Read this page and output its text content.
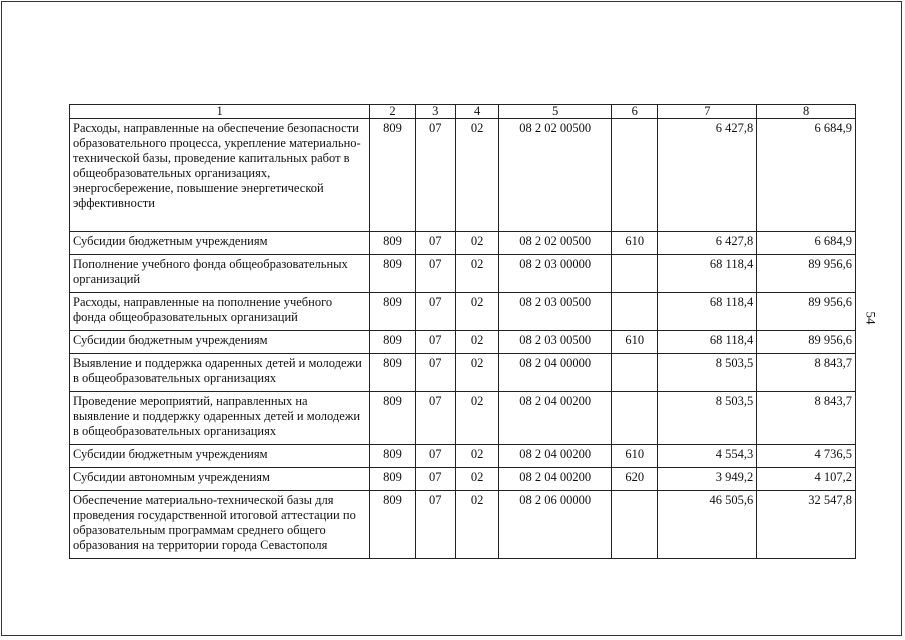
1	2	3	4	5	6	7	8
Расходы, направленные на обеспечение безопасности образовательного процесса, укрепление материально-технической базы, проведение капитальных работ в общеобразовательных организациях, энергосбережение, повышение энергетической эффективности	809	07	02	08 2 02 00500		6 427,8	6 684,9
Субсидии бюджетным учреждениям	809	07	02	08 2 02 00500	610	6 427,8	6 684,9
Пополнение учебного фонда общеобразовательных организаций	809	07	02	08 2 03 00000		68 118,4	89 956,6
Расходы, направленные на пополнение учебного фонда общеобразовательных организаций	809	07	02	08 2 03 00500		68 118,4	89 956,6
Субсидии бюджетным учреждениям	809	07	02	08 2 03 00500	610	68 118,4	89 956,6
Выявление и поддержка одаренных детей и молодежи в общеобразовательных организациях	809	07	02	08 2 04 00000		8 503,5	8 843,7
Проведение мероприятий, направленных на выявление и поддержку одаренных детей и молодежи в общеобразовательных организациях	809	07	02	08 2 04 00200		8 503,5	8 843,7
Субсидии бюджетным учреждениям	809	07	02	08 2 04 00200	610	4 554,3	4 736,5
Субсидии автономным учреждениям	809	07	02	08 2 04 00200	620	3 949,2	4 107,2
Обеспечение материально-технической базы для проведения государственной итоговой аттестации по образовательным программам среднего общего образования на территории города Севастополя	809	07	02	08 2 06 00000		46 505,6	32 547,8
54
